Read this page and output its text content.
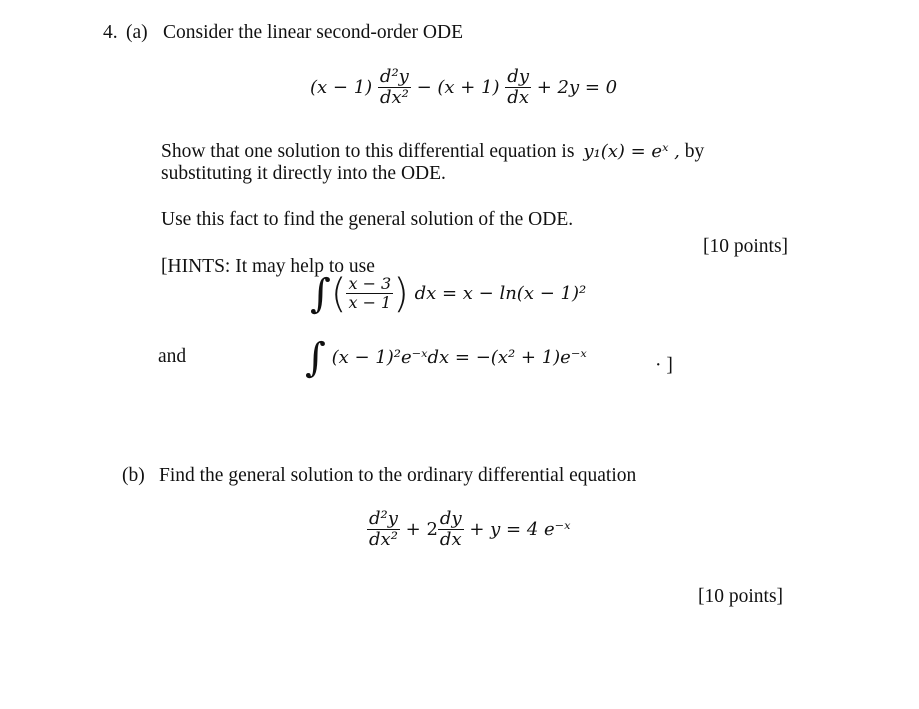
4. (a) Consider the linear second-order ODE
$(x - 1) \frac{\text{d²y}}{\text{dx²}} - (x + 1) \frac{dy}{dx} + 2y = 0$
Show that one solution to this differential equation is y₁(x) = eˣ , by
substituting it directly into the ODE.
Use this fact to find the general solution of the ODE.
[10 points]
[HINTS: It may help to use
∫( $\frac{x - 3}{x - 1}$ ) dx = x − ln(x − 1)²
and	∫ (x − 1)²e⁻ˣdx = −(x² + 1)e⁻ˣ	· ]
(b) Find the general solution to the ordinary differential equation
$\frac{\text{d²y}}{\text{dx²}} + 2 \frac{dy}{dx} + y = 4$ e⁻ˣ
[10 points]
